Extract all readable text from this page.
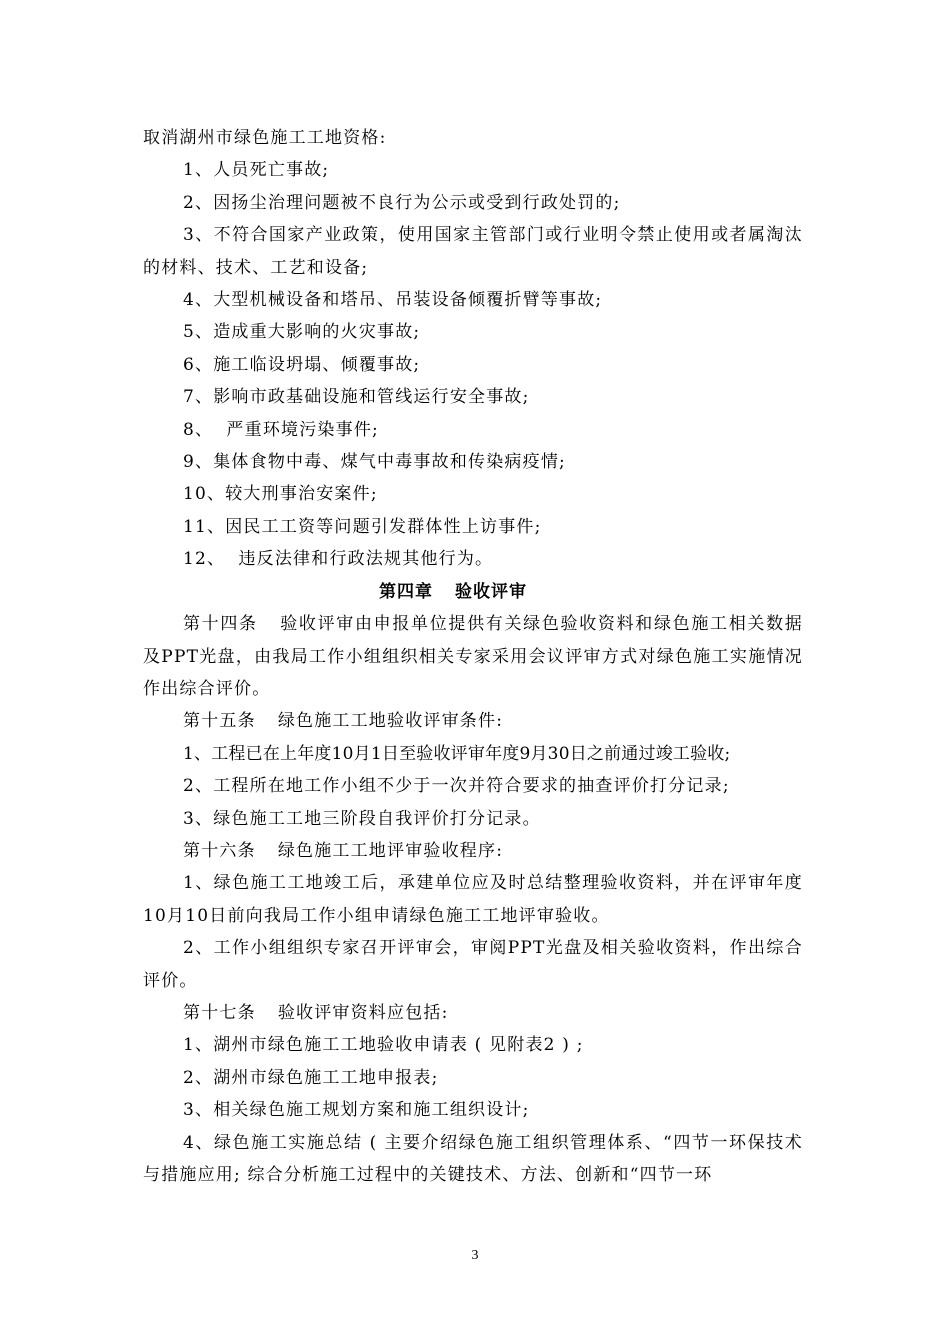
取消湖州市绿色施工工地资格:

1、人员死亡事故;

2、因扬尘治理问题被不良行为公示或受到行政处罚的;

3、不符合国家产业政策，使用国家主管部门或行业明令禁止使用或者属淘汰的材料、技术、工艺和设备;

4、大型机械设备和塔吊、吊装设备倾覆折臂等事故;

5、造成重大影响的火灾事故;

6、施工临设坍塌、倾覆事故;

7、影响市政基础设施和管线运行安全事故;

8、  严重环境污染事件;

9、集体食物中毒、煤气中毒事故和传染病疫情;

10、较大刑事治安案件;

11、因民工工资等问题引发群体性上访事件;

12、  违反法律和行政法规其他行为。

第四章 验收评审

第十四条 验收评审由申报单位提供有关绿色验收资料和绿色施工相关数据及PPT光盘，由我局工作小组组织相关专家采用会议评审方式对绿色施工实施情况作出综合评价。

第十五条 绿色施工工地验收评审条件:

1、工程已在上年度10月1日至验收评审年度9月30日之前通过竣工验收;

2、工程所在地工作小组不少于一次并符合要求的抽查评价打分记录;

3、绿色施工工地三阶段自我评价打分记录。

第十六条 绿色施工工地评审验收程序:

1、绿色施工工地竣工后，承建单位应及时总结整理验收资料，并在评审年度10月10日前向我局工作小组申请绿色施工工地评审验收。

2、工作小组组织专家召开评审会，审阅PPT光盘及相关验收资料，作出综合评价。

第十七条 验收评审资料应包括:

1、湖州市绿色施工工地验收申请表 ( 见附表2 ) ;

2、湖州市绿色施工工地申报表;

3、相关绿色施工规划方案和施工组织设计;

4、绿色施工实施总结 ( 主要介绍绿色施工组织管理体系、“四节一环保技术与措施应用; 综合分析施工过程中的关键技术、方法、创新和“四节一环

3
